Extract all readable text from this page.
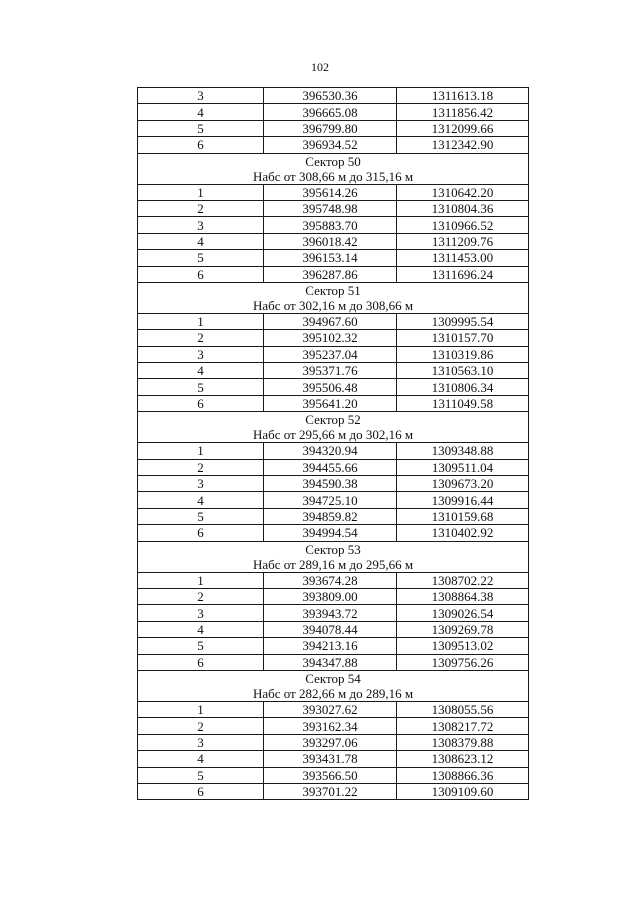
102
3	396530.36	1311613.18
4	396665.08	1311856.42
5	396799.80	1312099.66
6	396934.52	1312342.90

Сектор 50
Набс от 308,66 м до 315,16 м		

1	395614.26	1310642.20
2	395748.98	1310804.36
3	395883.70	1310966.52
4	396018.42	1311209.76
5	396153.14	1311453.00
6	396287.86	1311696.24

Сектор 51
Набс от 302,16 м до 308,66 м		

1	394967.60	1309995.54
2	395102.32	1310157.70
3	395237.04	1310319.86
4	395371.76	1310563.10
5	395506.48	1310806.34
6	395641.20	1311049.58

Сектор 52
Набс от 295,66 м до 302,16 м		

1	394320.94	1309348.88
2	394455.66	1309511.04
3	394590.38	1309673.20
4	394725.10	1309916.44
5	394859.82	1310159.68
6	394994.54	1310402.92

Сектор 53
Набс от 289,16 м до 295,66 м		

1	393674.28	1308702.22
2	393809.00	1308864.38
3	393943.72	1309026.54
4	394078.44	1309269.78
5	394213.16	1309513.02
6	394347.88	1309756.26

Сектор 54
Набс от 282,66 м до 289,16 м		

1	393027.62	1308055.56
2	393162.34	1308217.72
3	393297.06	1308379.88
4	393431.78	1308623.12
5	393566.50	1308866.36
6	393701.22	1309109.60
